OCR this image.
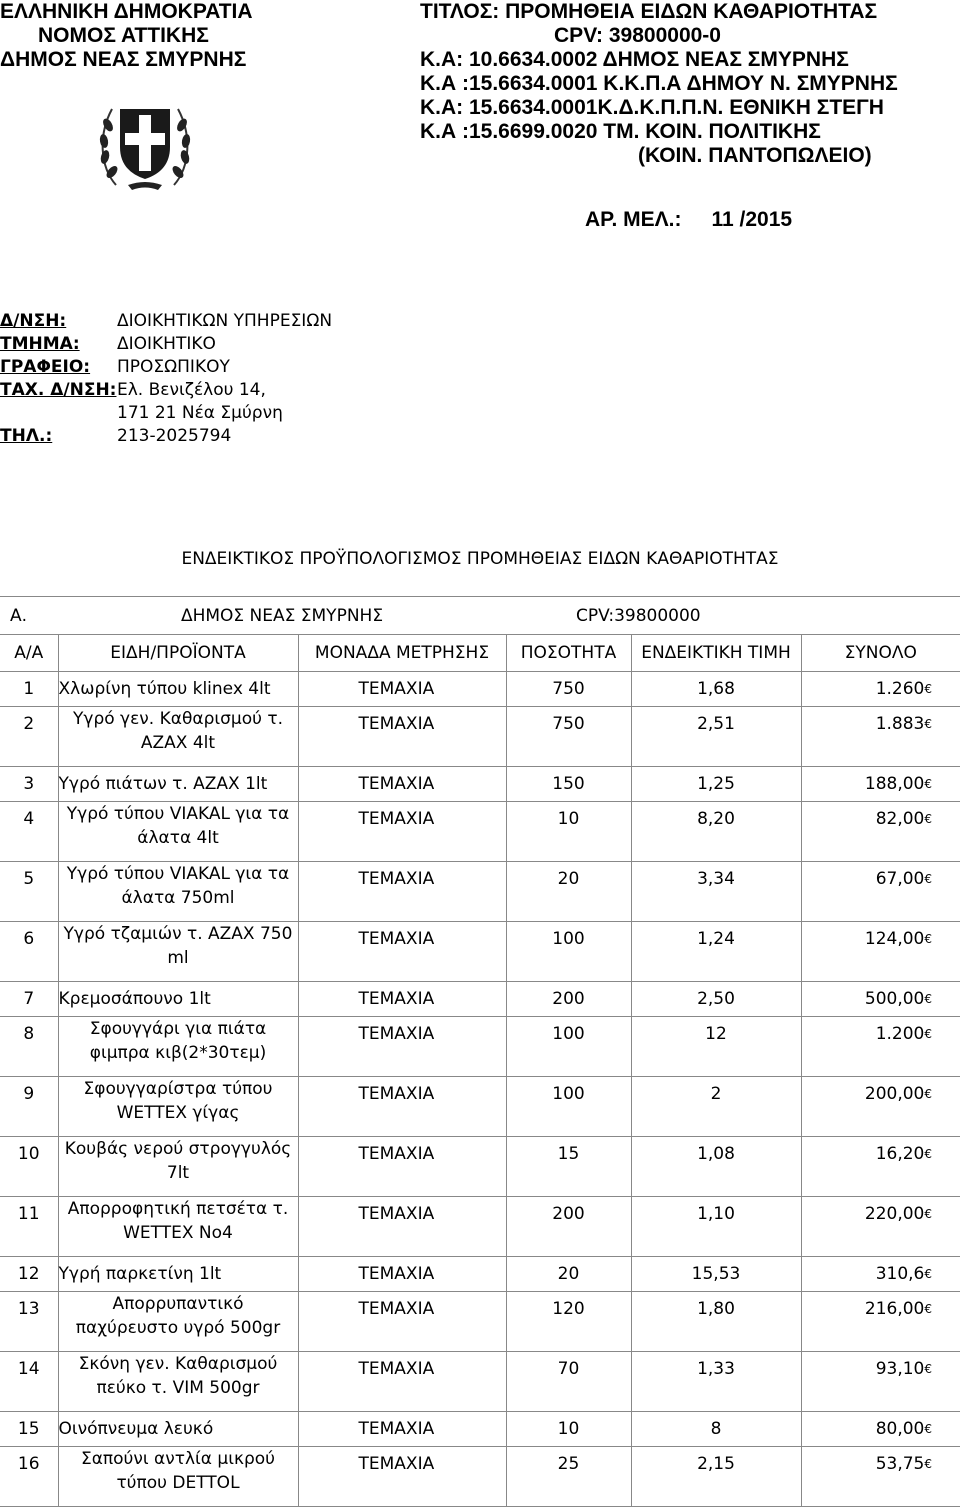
ΕΛΛΗΝΙΚΗ ΔΗΜΟΚΡΑΤΙΑ
ΝΟΜΟΣ ΑΤΤΙΚΗΣ
ΔΗΜΟΣ ΝΕΑΣ ΣΜΥΡΝΗΣ
ΤΙΤΛΟΣ: ΠΡΟΜΗΘΕΙΑ ΕΙΔΩΝ ΚΑΘΑΡΙΟΤΗΤΑΣ
CPV: 39800000-0
Κ.Α: 10.6634.0002 ΔΗΜΟΣ ΝΕΑΣ ΣΜΥΡΝΗΣ
Κ.Α :15.6634.0001 Κ.Κ.Π.Α ΔΗΜΟΥ Ν. ΣΜΥΡΝΗΣ
Κ.Α: 15.6634.0001Κ.Δ.Κ.Π.Π.Ν. ΕΘΝΙΚΗ ΣΤΕΓΗ
Κ.Α :15.6699.0020 ΤΜ. ΚΟΙΝ. ΠΟΛΙΤΙΚΗΣ
(ΚΟΙΝ. ΠΑΝΤΟΠΩΛΕΙΟ)
ΑΡ. ΜΕΛ.: 11 /2015
Δ/ΝΣΗ:	ΔΙΟΙΚΗΤΙΚΩΝ ΥΠΗΡΕΣΙΩΝ
ΤΜΗΜΑ:	ΔΙΟΙΚΗΤΙΚΟ
ΓΡΑΦΕΙΟ:	ΠΡΟΣΩΠΙΚΟΥ
ΤΑΧ. Δ/ΝΣΗ: Ελ. Βενιζέλου 14,
171 21 Νέα Σμύρνη
ΤΗΛ.:	213-2025794
ΕΝΔΕΙΚΤΙΚΟΣ ΠΡΟΫΠΟΛΟΓΙΣΜΟΣ ΠΡΟΜΗΘΕΙΑΣ ΕΙΔΩΝ ΚΑΘΑΡΙΟΤΗΤΑΣ
Α.	ΔΗΜΟΣ ΝΕΑΣ ΣΜΥΡΝΗΣ		CPV:39800000		
Α/Α	ΕΙΔΗ/ΠΡΟΪΟΝΤΑ	ΜΟΝΑΔΑ ΜΕΤΡΗΣΗΣ	ΠΟΣΟΤΗΤΑ	ΕΝΔΕΙΚΤΙΚΗ ΤΙΜΗ	ΣΥΝΟΛΟ
1	Χλωρίνη τύπου klinex 4lt	ΤΕΜΑΧΙΑ	750	1,68	1.260€
2	Υγρό γεν. Καθαρισμού τ. AZAX 4lt	ΤΕΜΑΧΙΑ	750	2,51	1.883€
3	Υγρό πιάτων τ. AZAX 1lt	ΤΕΜΑΧΙΑ	150	1,25	188,00€
4	Υγρό τύπου VIAKAL για τα άλατα 4lt	ΤΕΜΑΧΙΑ	10	8,20	82,00€
5	Υγρό τύπου VIAKAL για τα άλατα 750ml	ΤΕΜΑΧΙΑ	20	3,34	67,00€
6	Υγρό τζαμιών τ. AZAX 750 ml	ΤΕΜΑΧΙΑ	100	1,24	124,00€
7	Κρεμοσάπουνο 1lt	ΤΕΜΑΧΙΑ	200	2,50	500,00€
8	Σφουγγάρι για πιάτα φιμπρα κιβ(2*30τεμ)	ΤΕΜΑΧΙΑ	100	12	1.200€
9	Σφουγγαρίστρα τύπου WETTEX γίγας	ΤΕΜΑΧΙΑ	100	2	200,00€
10	Κουβάς νερού στρογγυλός 7lt	ΤΕΜΑΧΙΑ	15	1,08	16,20€
11	Απορροφητική πετσέτα τ. WETTEX No4	ΤΕΜΑΧΙΑ	200	1,10	220,00€
12	Υγρή παρκετίνη 1lt	ΤΕΜΑΧΙΑ	20	15,53	310,6€
13	Απορρυπαντικό παχύρευστο υγρό 500gr	ΤΕΜΑΧΙΑ	120	1,80	216,00€
14	Σκόνη γεν. Καθαρισμού πεύκο τ. VIM 500gr	ΤΕΜΑΧΙΑ	70	1,33	93,10€
15	Οινόπνευμα λευκό	ΤΕΜΑΧΙΑ	10	8	80,00€
16	Σαπούνι αντλία μικρού τύπου DETTOL	ΤΕΜΑΧΙΑ	25	2,15	53,75€
